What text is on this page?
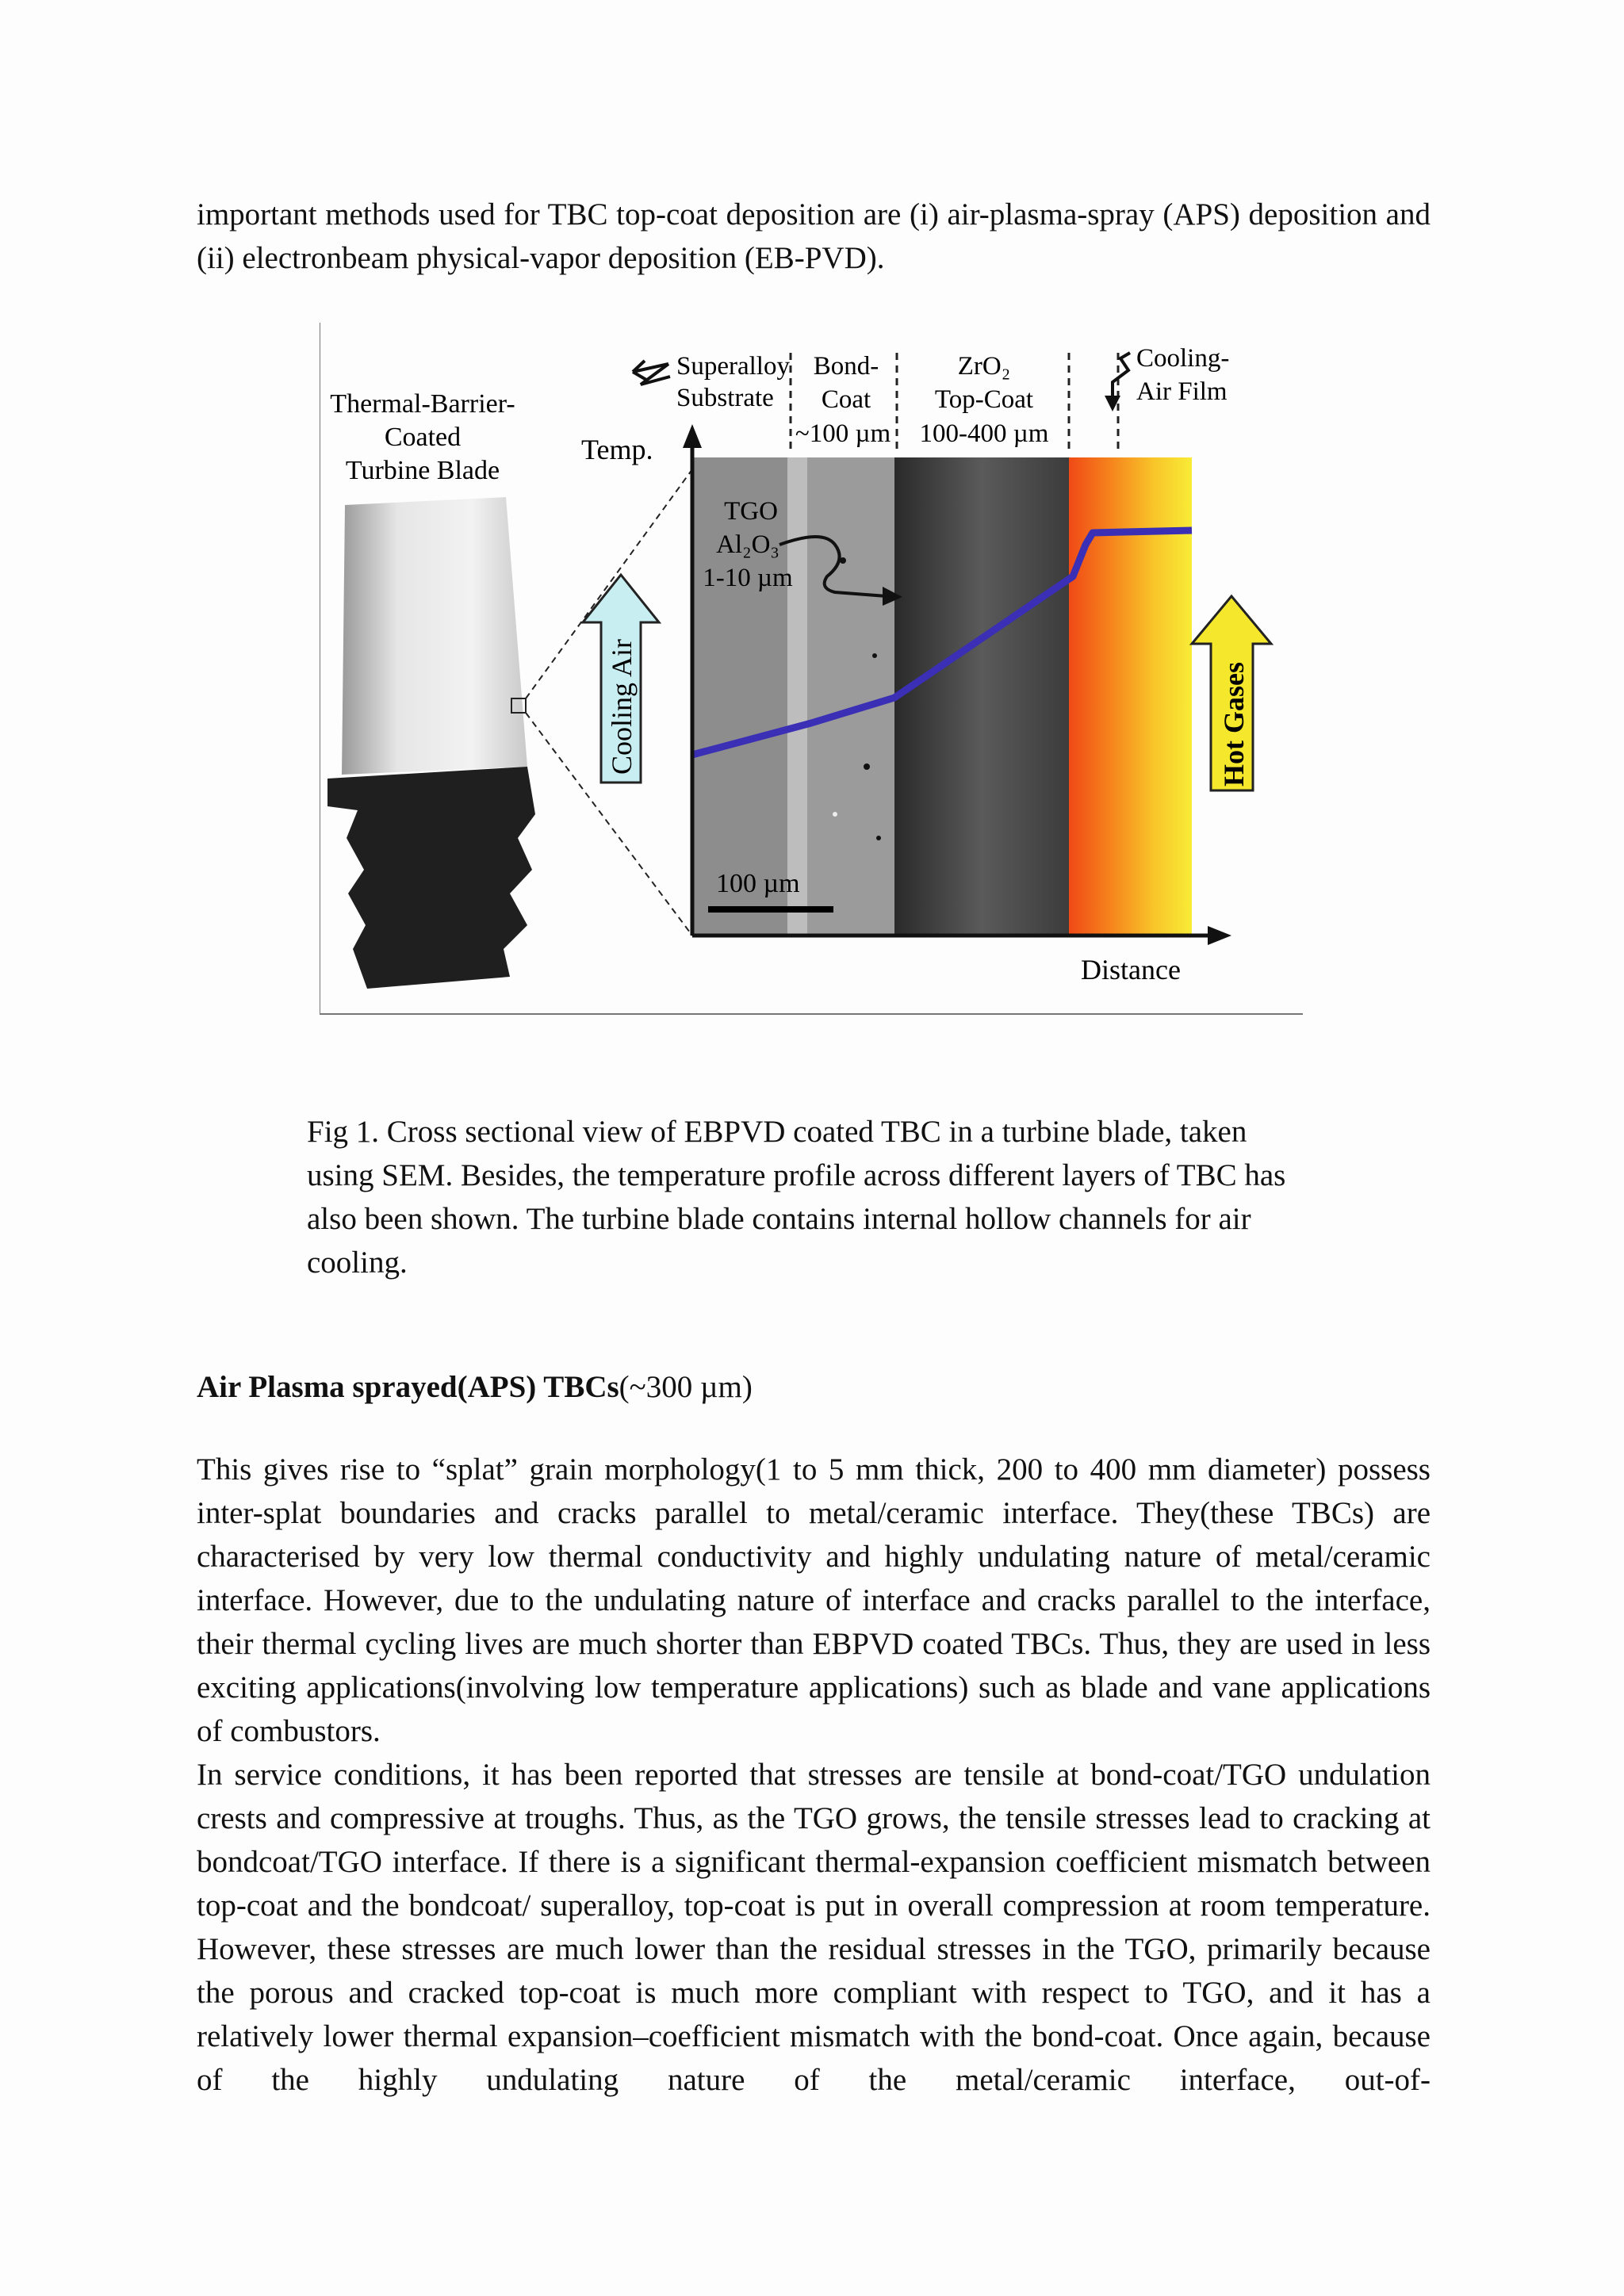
important methods used for TBC top-coat deposition are (i) air-plasma-spray (APS) deposition and (ii) electronbeam physical-vapor deposition (EB-PVD).

Thermal-Barrier-
Coated
Turbine Blade
Temp.
Distance
Superalloy
Substrate
Bond-
Coat
~100 µm
ZrO₂
Top-Coat
100-400 µm
Cooling-
Air Film
TGO
Al₂O₃
1-10 µm
Cooling Air	Hot Gases
100 µm

Fig 1. Cross sectional view of EBPVD coated TBC in a turbine blade, taken using SEM. Besides, the temperature profile across different layers of TBC has also been shown. The turbine blade contains internal hollow channels for air cooling.

Air Plasma sprayed(APS) TBCs(~300 µm)

This gives rise to “splat” grain morphology(1 to 5 mm thick, 200 to 400 mm diameter) possess inter-splat boundaries and cracks parallel to metal/ceramic interface. They(these TBCs) are characterised by very low thermal conductivity and highly undulating nature of metal/ceramic interface. However, due to the undulating nature of interface and cracks parallel to the interface, their thermal cycling lives are much shorter than EBPVD coated TBCs. Thus, they are used in less exciting applications(involving low temperature applications) such as blade and vane applications of combustors.

In service conditions, it has been reported that stresses are tensile at bond-coat/TGO undulation crests and compressive at troughs. Thus, as the TGO grows, the tensile stresses lead to cracking at bondcoat/TGO interface. If there is a significant thermal-expansion coefficient mismatch between top-coat and the bondcoat/ superalloy, top-coat is put in overall compression at room temperature. However, these stresses are much lower than the residual stresses in the TGO, primarily because the porous and cracked top-coat is much more compliant with respect to TGO, and it has a relatively lower thermal expansion–coefficient mismatch with the bond-coat. Once again, because of the highly undulating nature of the metal/ceramic interface, out-of-
